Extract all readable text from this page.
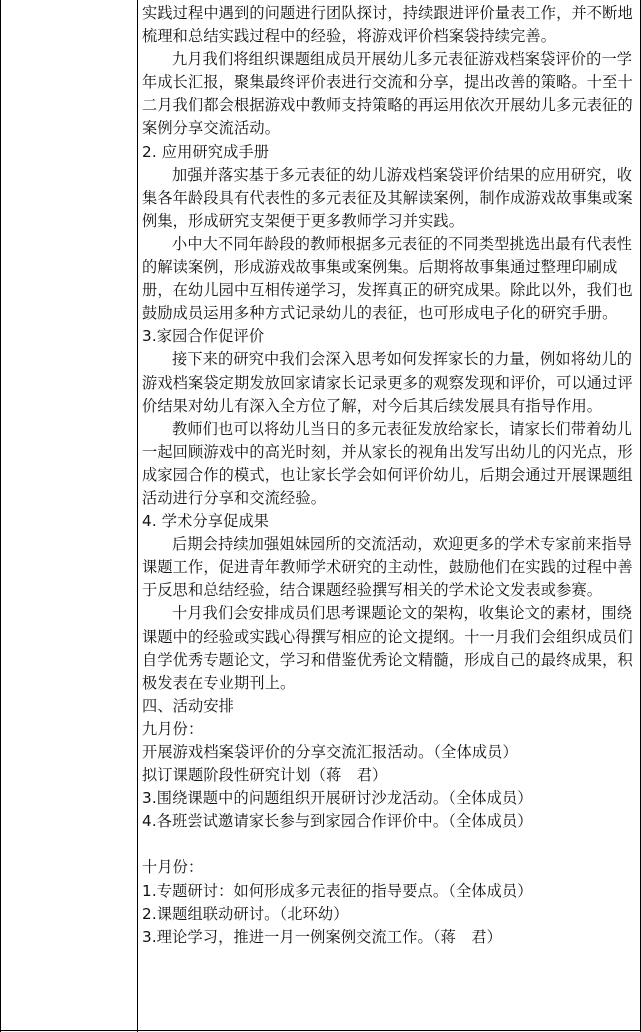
实践过程中遇到的问题进行团队探讨，持续跟进评价量表工作，并不断地梳理和总结实践过程中的经验，将游戏评价档案袋持续完善。

九月我们将组织课题组成员开展幼儿多元表征游戏档案袋评价的一学年成长汇报，聚集最终评价表进行交流和分享，提出改善的策略。十至十二月我们都会根据游戏中教师支持策略的再运用依次开展幼儿多元表征的案例分享交流活动。

2. 应用研究成手册

加强并落实基于多元表征的幼儿游戏档案袋评价结果的应用研究，收集各年龄段具有代表性的多元表征及其解读案例，制作成游戏故事集或案例集，形成研究支架便于更多教师学习并实践。

小中大不同年龄段的教师根据多元表征的不同类型挑选出最有代表性的解读案例，形成游戏故事集或案例集。后期将故事集通过整理印刷成册，在幼儿园中互相传递学习，发挥真正的研究成果。除此以外，我们也鼓励成员运用多种方式记录幼儿的表征，也可形成电子化的研究手册。

3.家园合作促评价

接下来的研究中我们会深入思考如何发挥家长的力量，例如将幼儿的游戏档案袋定期发放回家请家长记录更多的观察发现和评价，可以通过评价结果对幼儿有深入全方位了解，对今后其后续发展具有指导作用。

教师们也可以将幼儿当日的多元表征发放给家长，请家长们带着幼儿一起回顾游戏中的高光时刻，并从家长的视角出发写出幼儿的闪光点，形成家园合作的模式，也让家长学会如何评价幼儿，后期会通过开展课题组活动进行分享和交流经验。

4. 学术分享促成果

后期会持续加强姐妹园所的交流活动，欢迎更多的学术专家前来指导课题工作，促进青年教师学术研究的主动性，鼓励他们在实践的过程中善于反思和总结经验，结合课题经验撰写相关的学术论文发表或参赛。

十月我们会安排成员们思考课题论文的架构，收集论文的素材，围绕课题中的经验或实践心得撰写相应的论文提纲。十一月我们会组织成员们自学优秀专题论文，学习和借鉴优秀论文精髓，形成自己的最终成果，积极发表在专业期刊上。

四、活动安排

九月份：

开展游戏档案袋评价的分享交流汇报活动。（全体成员）

拟订课题阶段性研究计划（蒋　君）

3.围绕课题中的问题组织开展研讨沙龙活动。（全体成员）

4.各班尝试邀请家长参与到家园合作评价中。（全体成员）

十月份：

1.专题研讨：如何形成多元表征的指导要点。（全体成员）

2.课题组联动研讨。（北环幼）

3.理论学习，推进一月一例案例交流工作。（蒋　君）
